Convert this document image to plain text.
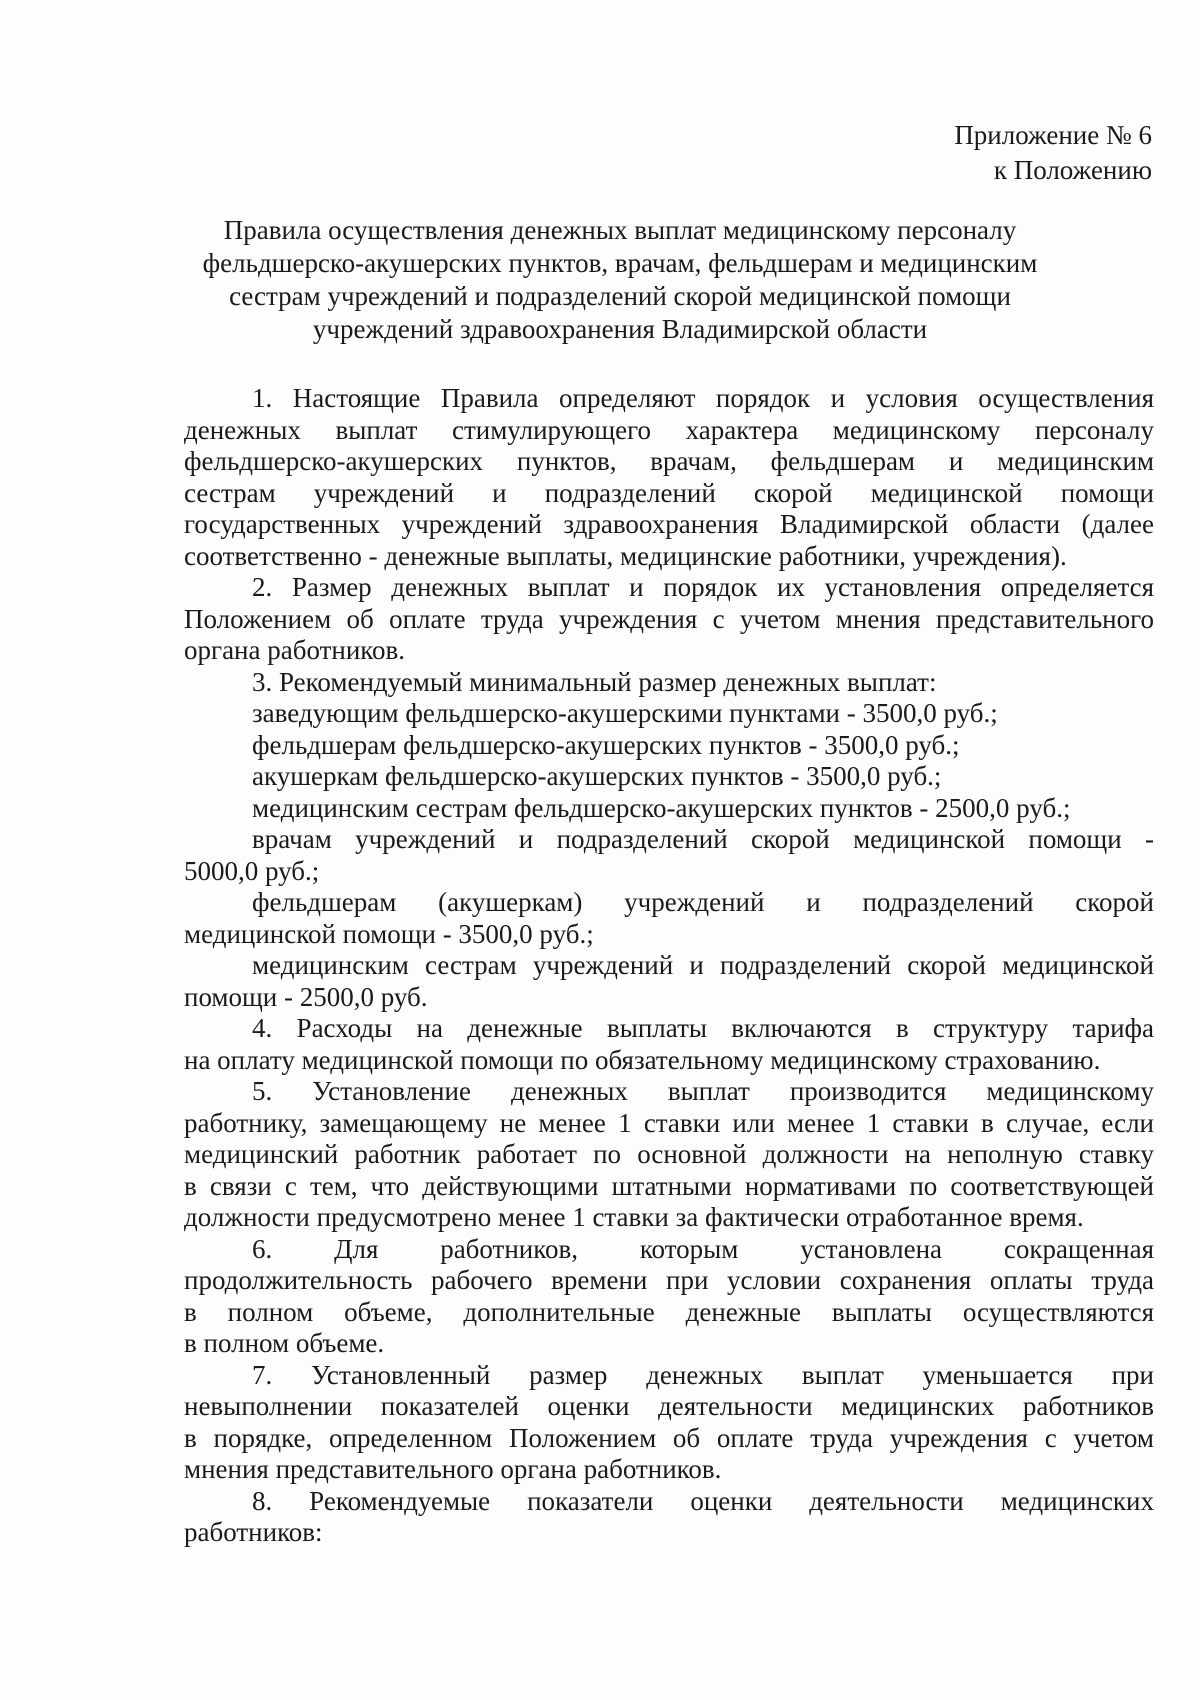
Приложение № 6
к Положению
Правила осуществления денежных выплат медицинскому персоналу
фельдшерско-акушерских пунктов, врачам, фельдшерам и медицинским
сестрам учреждений и подразделений скорой медицинской помощи
учреждений здравоохранения Владимирской области
1. Настоящие Правила определяют порядок и условия осуществления
денежных выплат стимулирующего характера медицинскому персоналу
фельдшерско-акушерских пунктов, врачам, фельдшерам и медицинским
сестрам учреждений и подразделений скорой медицинской помощи
государственных учреждений здравоохранения Владимирской области (далее
соответственно - денежные выплаты, медицинские работники, учреждения).
2. Размер денежных выплат и порядок их установления определяется
Положением об оплате труда учреждения с учетом мнения представительного
органа работников.
3. Рекомендуемый минимальный размер денежных выплат:
заведующим фельдшерско-акушерскими пунктами - 3500,0 руб.;
фельдшерам фельдшерско-акушерских пунктов - 3500,0 руб.;
акушеркам фельдшерско-акушерских пунктов - 3500,0 руб.;
медицинским сестрам фельдшерско-акушерских пунктов - 2500,0 руб.;
врачам учреждений и подразделений скорой медицинской помощи -
5000,0 руб.;
фельдшерам (акушеркам) учреждений и подразделений скорой
медицинской помощи - 3500,0 руб.;
медицинским сестрам учреждений и подразделений скорой медицинской
помощи - 2500,0 руб.
4. Расходы на денежные выплаты включаются в структуру тарифа
на оплату медицинской помощи по обязательному медицинскому страхованию.
5. Установление денежных выплат производится медицинскому
работнику, замещающему не менее 1 ставки или менее 1 ставки в случае, если
медицинский работник работает по основной должности на неполную ставку
в связи с тем, что действующими штатными нормативами по соответствующей
должности предусмотрено менее 1 ставки за фактически отработанное время.
6. Для работников, которым установлена сокращенная
продолжительность рабочего времени при условии сохранения оплаты труда
в полном объеме, дополнительные денежные выплаты осуществляются
в полном объеме.
7. Установленный размер денежных выплат уменьшается при
невыполнении показателей оценки деятельности медицинских работников
в порядке, определенном Положением об оплате труда учреждения с учетом
мнения представительного органа работников.
8. Рекомендуемые показатели оценки деятельности медицинских
работников:
